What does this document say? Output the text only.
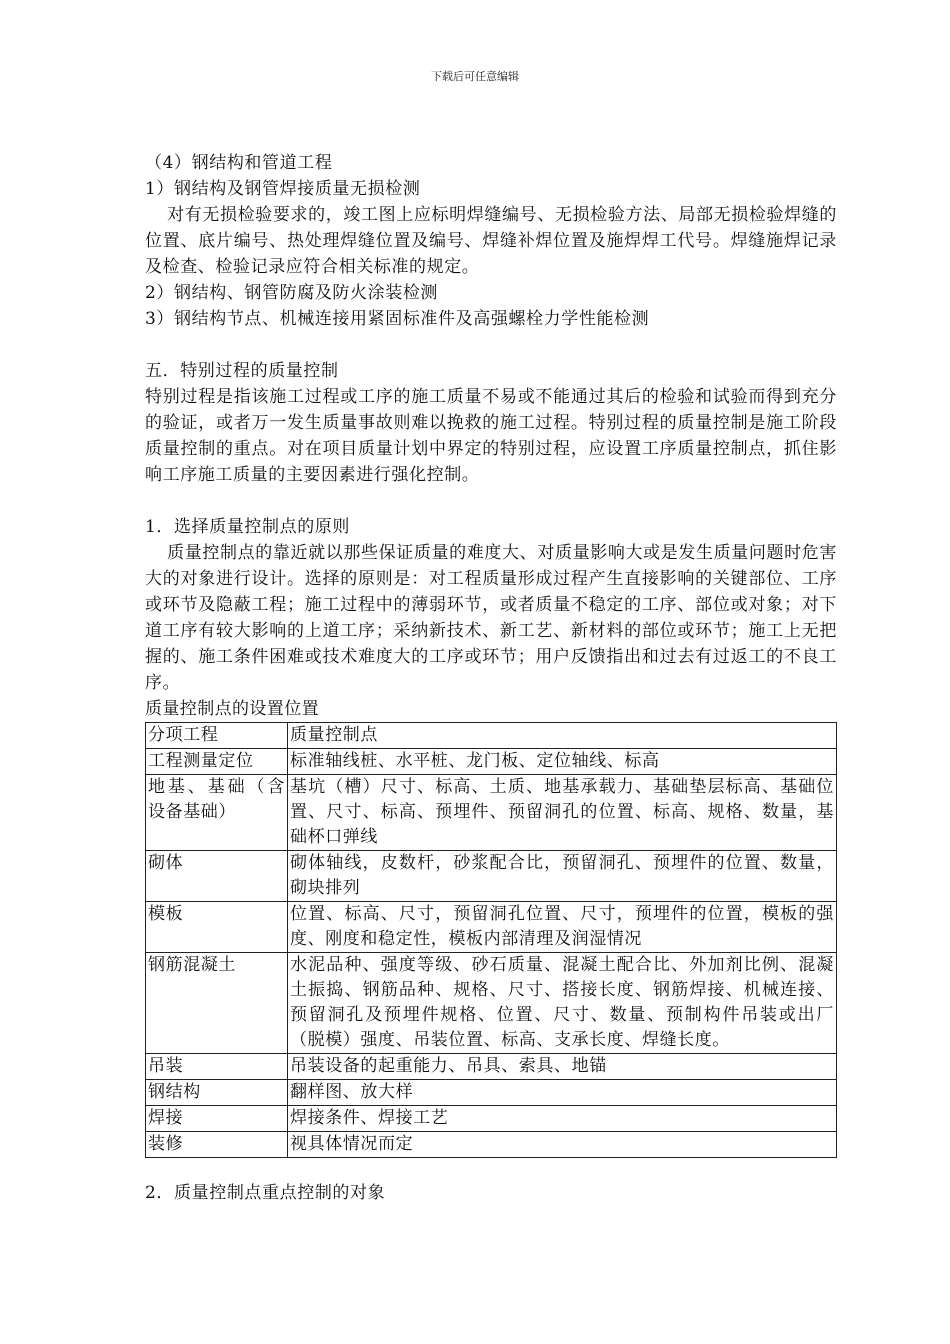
下载后可任意编辑
（4）钢结构和管道工程
1）钢结构及钢管焊接质量无损检测
对有无损检验要求的，竣工图上应标明焊缝编号、无损检验方法、局部无损检验焊缝的位置、底片编号、热处理焊缝位置及编号、焊缝补焊位置及施焊焊工代号。焊缝施焊记录及检查、检验记录应符合相关标准的规定。
2）钢结构、钢管防腐及防火涂装检测
3）钢结构节点、机械连接用紧固标准件及高强螺栓力学性能检测
五．特别过程的质量控制
特别过程是指该施工过程或工序的施工质量不易或不能通过其后的检验和试验而得到充分的验证，或者万一发生质量事故则难以挽救的施工过程。特别过程的质量控制是施工阶段质量控制的重点。对在项目质量计划中界定的特别过程，应设置工序质量控制点，抓住影响工序施工质量的主要因素进行强化控制。
1．选择质量控制点的原则
质量控制点的靠近就以那些保证质量的难度大、对质量影响大或是发生质量问题时危害大的对象进行设计。选择的原则是：对工程质量形成过程产生直接影响的关键部位、工序或环节及隐蔽工程；施工过程中的薄弱环节，或者质量不稳定的工序、部位或对象；对下道工序有较大影响的上道工序；采纳新技术、新工艺、新材料的部位或环节；施工上无把握的、施工条件困难或技术难度大的工序或环节；用户反馈指出和过去有过返工的不良工序。
质量控制点的设置位置
分项工程	质量控制点
工程测量定位	标准轴线桩、水平桩、龙门板、定位轴线、标高
地基、基础（含设备基础）	基坑（槽）尺寸、标高、土质、地基承载力、基础垫层标高、基础位置、尺寸、标高、预埋件、预留洞孔的位置、标高、规格、数量，基础杯口弹线
砌体	砌体轴线，皮数杆，砂浆配合比，预留洞孔、预埋件的位置、数量，砌块排列
模板	位置、标高、尺寸，预留洞孔位置、尺寸，预埋件的位置，模板的强度、刚度和稳定性，模板内部清理及润湿情况
钢筋混凝土	水泥品种、强度等级、砂石质量、混凝土配合比、外加剂比例、混凝土振捣、钢筋品种、规格、尺寸、搭接长度、钢筋焊接、机械连接、预留洞孔及预埋件规格、位置、尺寸、数量、预制构件吊装或出厂（脱模）强度、吊装位置、标高、支承长度、焊缝长度。
吊装	吊装设备的起重能力、吊具、索具、地锚
钢结构	翻样图、放大样
焊接	焊接条件、焊接工艺
装修	视具体情况而定
2．质量控制点重点控制的对象
